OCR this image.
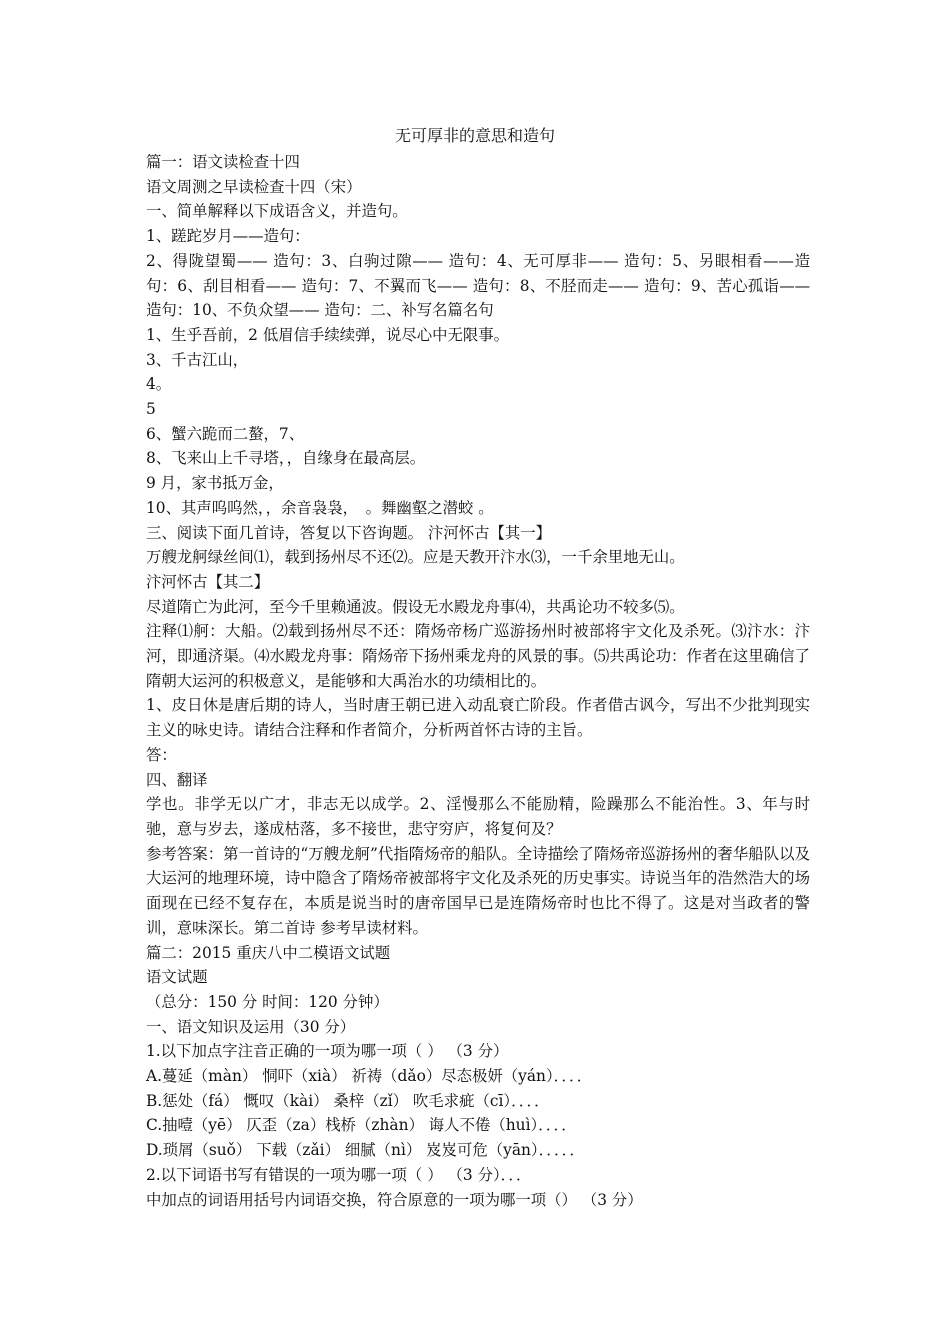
无可厚非的意思和造句
篇一：语文读检查十四
语文周测之早读检查十四（宋）
一、简单解释以下成语含义，并造句。
1、蹉跎岁月——造句：
2、得陇望蜀—— 造句：3、白驹过隙—— 造句：4、无可厚非—— 造句：5、另眼相看——造句：6、刮目相看—— 造句：7、不翼而飞—— 造句：8、不胫而走—— 造句：9、苦心孤诣—— 造句：10、不负众望—— 造句：二、补写名篇名句
1、生乎吾前，2 低眉信手续续弹，说尽心中无限事。
3、千古江山，
4。
5
6、蟹六跪而二螯，7、
8、飞来山上千寻塔，，自缘身在最高层。
9 月，家书抵万金，
10、其声呜呜然，，余音袅袅，　。舞幽壑之潜蛟 。
三、阅读下面几首诗，答复以下咨询题。 汴河怀古【其一】
万艘龙舸绿丝间⑴，载到扬州尽不还⑵。应是天教开汴水⑶，一千余里地无山。
汴河怀古【其二】
尽道隋亡为此河，至今千里赖通波。假设无水殿龙舟事⑷，共禹论功不较多⑸。
注释⑴舸：大船。⑵载到扬州尽不还：隋炀帝杨广巡游扬州时被部将宇文化及杀死。⑶汴水：汴河，即通济渠。⑷水殿龙舟事：隋炀帝下扬州乘龙舟的风景的事。⑸共禹论功：作者在这里确信了隋朝大运河的积极意义，是能够和大禹治水的功绩相比的。
1、皮日休是唐后期的诗人，当时唐王朝已进入动乱衰亡阶段。作者借古讽今，写出不少批判现实主义的咏史诗。请结合注释和作者简介，分析两首怀古诗的主旨。
答：
四、翻译
学也。非学无以广才，非志无以成学。2、淫慢那么不能励精，险躁那么不能治性。3、年与时驰，意与岁去，遂成枯落，多不接世，悲守穷庐，将复何及？
参考答案：第一首诗的“万艘龙舸”代指隋炀帝的船队。全诗描绘了隋炀帝巡游扬州的奢华船队以及大运河的地理环境，诗中隐含了隋炀帝被部将宇文化及杀死的历史事实。诗说当年的浩然浩大的场面现在已经不复存在，本质是说当时的唐帝国早已是连隋炀帝时也比不得了。这是对当政者的警训，意味深长。第二首诗 参考早读材料。
篇二：2015 重庆八中二模语文试题
语文试题
（总分：150 分 时间：120 分钟）
一、语文知识及运用（30 分）
1.以下加点字注音正确的一项为哪一项（ ） （3 分）
A.蔓延（màn） 恫吓（xià） 祈祷（dǎo）尽态极妍（yán）．．．．
B.惩处（fá） 慨叹（kài） 桑梓（zǐ） 吹毛求疵（cī）．．．．
C.抽噎（yē） 仄歪（za）栈桥（zhàn） 诲人不倦（huì）．．．．
D.琐屑（suǒ） 下载（zǎi） 细腻（nì） 岌岌可危（yān）．．．．．
2.以下词语书写有错误的一项为哪一项（ ） （3 分）．．．
中加点的词语用括号内词语交换，符合原意的一项为哪一项（） （3 分）
